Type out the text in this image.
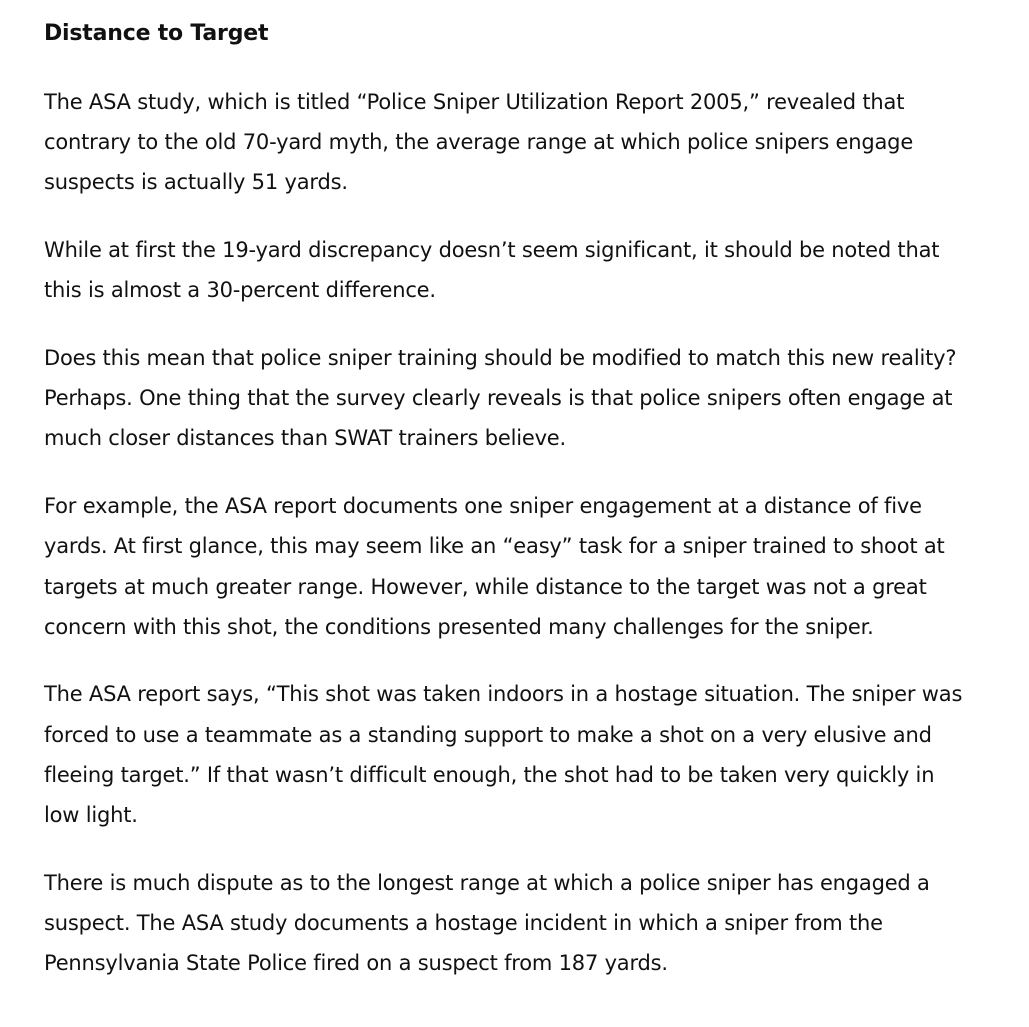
Distance to Target

The ASA study, which is titled “Police Sniper Utilization Report 2005,” revealed that contrary to the old 70-yard myth, the average range at which police snipers engage suspects is actually 51 yards.

While at first the 19-yard discrepancy doesn’t seem significant, it should be noted that this is almost a 30-percent difference.

Does this mean that police sniper training should be modified to match this new reality? Perhaps. One thing that the survey clearly reveals is that police snipers often engage at much closer distances than SWAT trainers believe.

For example, the ASA report documents one sniper engagement at a distance of five yards. At first glance, this may seem like an “easy” task for a sniper trained to shoot at targets at much greater range. However, while distance to the target was not a great concern with this shot, the conditions presented many challenges for the sniper.

The ASA report says, “This shot was taken indoors in a hostage situation. The sniper was forced to use a teammate as a standing support to make a shot on a very elusive and fleeing target.” If that wasn’t difficult enough, the shot had to be taken very quickly in low light.

There is much dispute as to the longest range at which a police sniper has engaged a suspect. The ASA study documents a hostage incident in which a sniper from the Pennsylvania State Police fired on a suspect from 187 yards.
